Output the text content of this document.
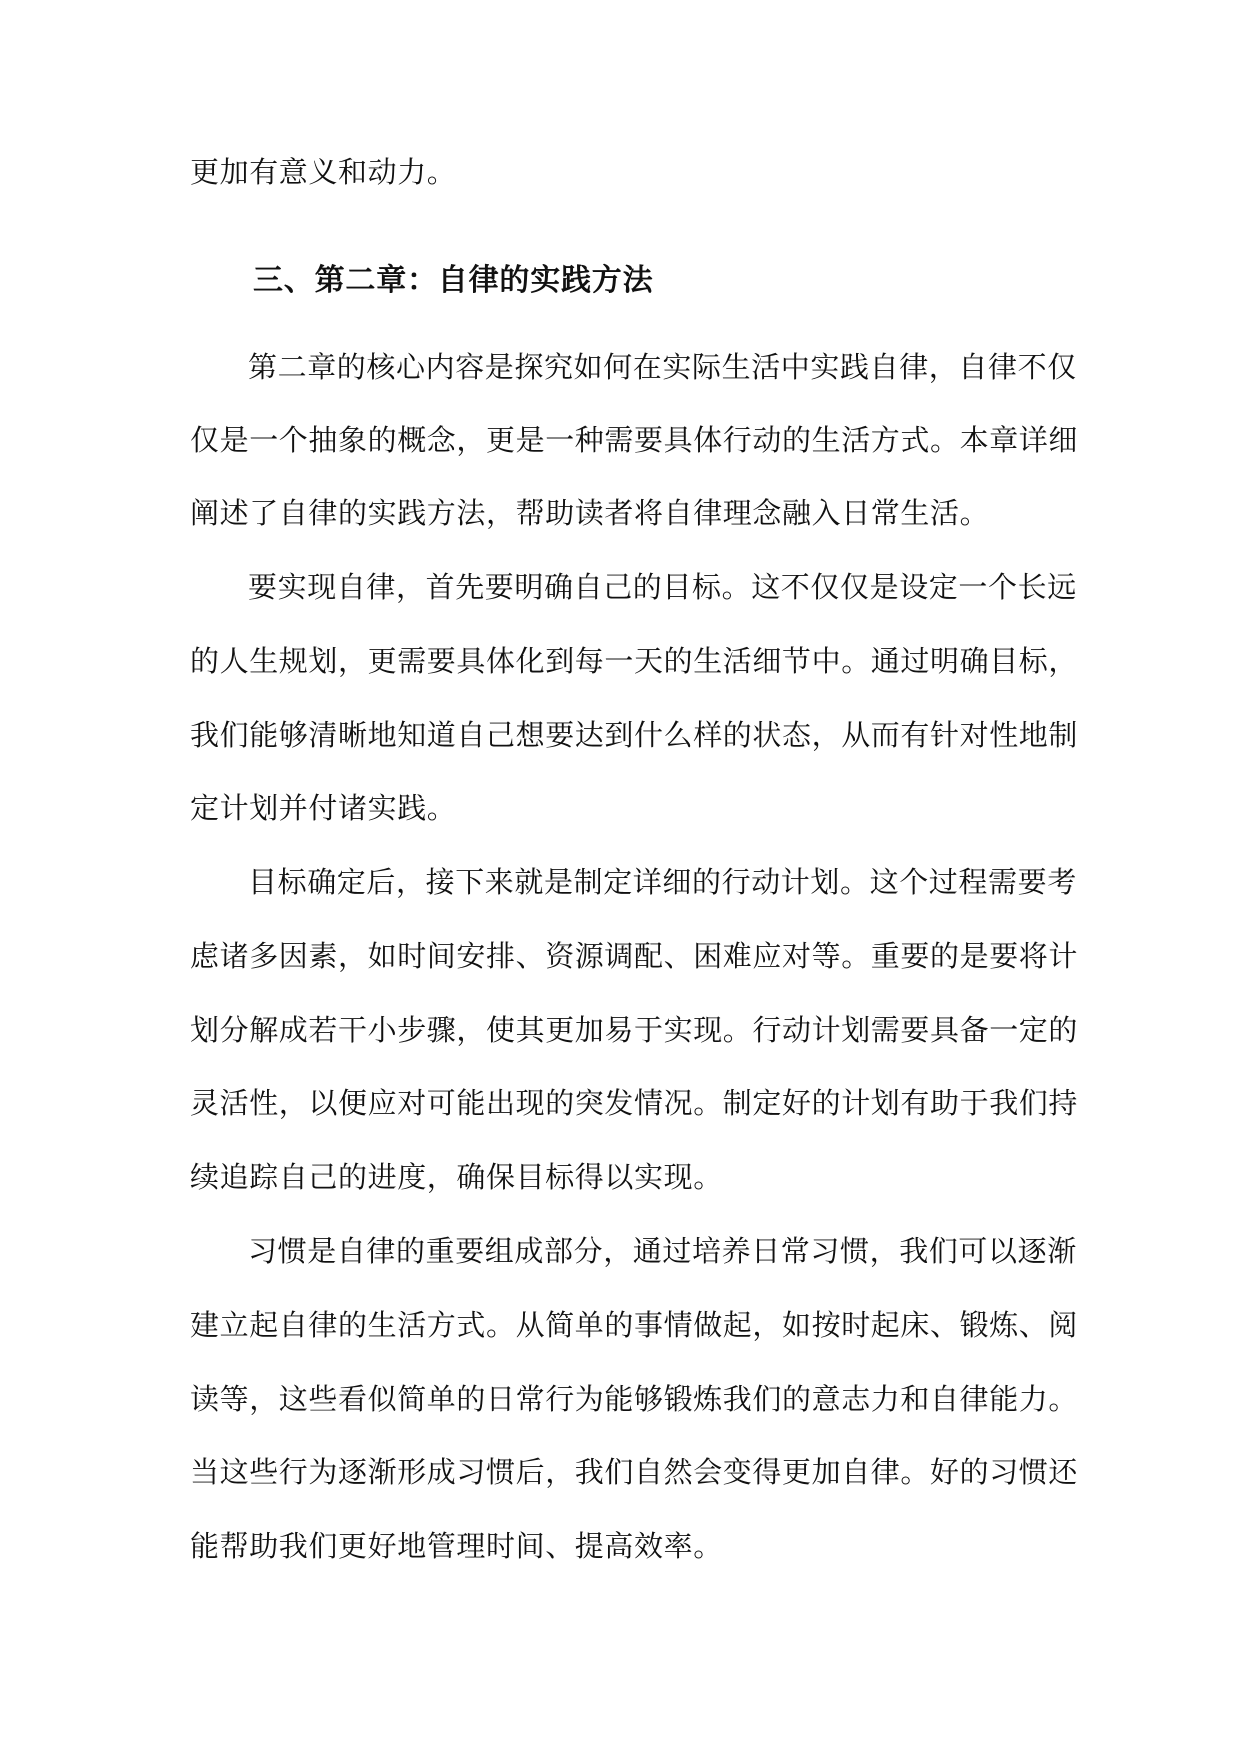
更加有意义和动力。
三、第二章：自律的实践方法
第二章的核心内容是探究如何在实际生活中实践自律，自律不仅
仅是一个抽象的概念，更是一种需要具体行动的生活方式。本章详细
阐述了自律的实践方法，帮助读者将自律理念融入日常生活。
要实现自律，首先要明确自己的目标。这不仅仅是设定一个长远
的人生规划，更需要具体化到每一天的生活细节中。通过明确目标，
我们能够清晰地知道自己想要达到什么样的状态，从而有针对性地制
定计划并付诸实践。
目标确定后，接下来就是制定详细的行动计划。这个过程需要考
虑诸多因素，如时间安排、资源调配、困难应对等。重要的是要将计
划分解成若干小步骤，使其更加易于实现。行动计划需要具备一定的
灵活性，以便应对可能出现的突发情况。制定好的计划有助于我们持
续追踪自己的进度，确保目标得以实现。
习惯是自律的重要组成部分，通过培养日常习惯，我们可以逐渐
建立起自律的生活方式。从简单的事情做起，如按时起床、锻炼、阅
读等，这些看似简单的日常行为能够锻炼我们的意志力和自律能力。
当这些行为逐渐形成习惯后，我们自然会变得更加自律。好的习惯还
能帮助我们更好地管理时间、提高效率。
